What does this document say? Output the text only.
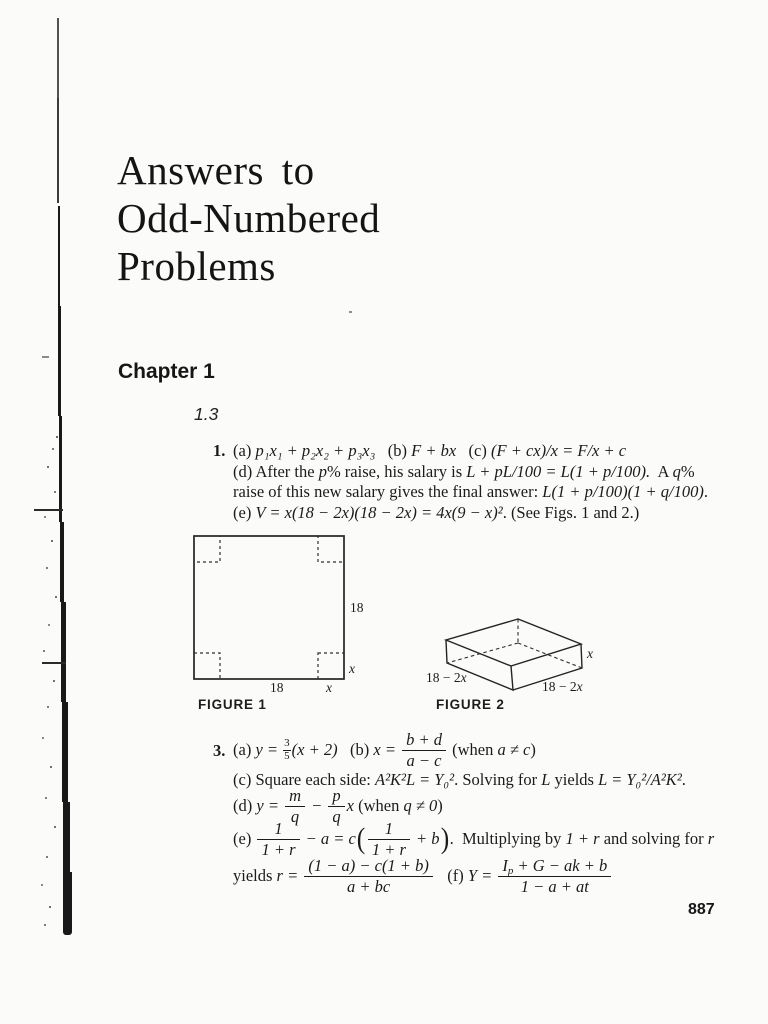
Answers to
Odd-Numbered
Problems
Chapter 1
1.3
1. (a) p₁x₁ + p₂x₂ + p₃x₃ (b) F + bx (c) (F + cx)/x = F/x + c
(d) After the p % raise, his salary is L + pL/100 = L(1 + p/100). A q %
raise of this new salary gives the final answer: L(1 + p/100)(1 + q/100) .
(e) V = x(18 − 2x)(18 − 2x) = 4x(9 − x)² . (See Figs. 1 and 2.)
18
x
18	x
FIGURE 1
18 − 2x
18 − 2x
x
FIGURE 2
3. (a) $y = \frac{3}{5} (x + 2)$ (b) $x = \frac{b + d}{a - c}$ (when a ≠ c )
(c) Square each side: A²K²L = Y₀² . Solving for L yields L = Y₀²/A²K² .
(d) $y = \frac{m}{q} - \frac{p}{q}$ x (when q ≠ 0 )
$(e) \frac{1}{1 + r} - a = c$ ( $\frac{1}{1 + r} + b$ ) .  Multiplying by 1 + r and solving for r
yields $r = \frac{(1 - a) - c(1 + b)}{a + bc} (f) Y = \frac{Ip + G - ak + b}{1 - a + at}$
887
